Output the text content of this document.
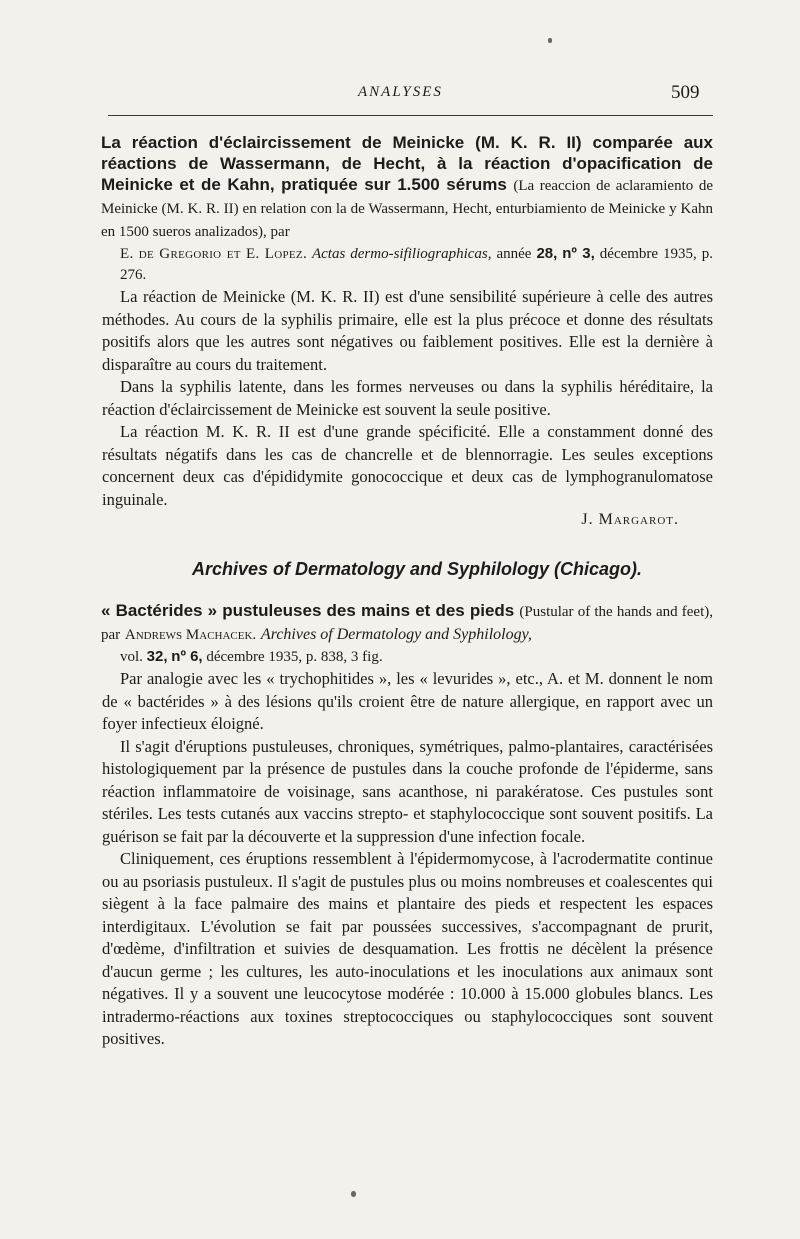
ANALYSES	509

La réaction d'éclaircissement de Meinicke (M. K. R. II) comparée aux réactions de Wassermann, de Hecht, à la réaction d'opacification de Meinicke et de Kahn, pratiquée sur 1.500 sérums (La reaccion de aclaramiento de Meinicke (M. K. R. II) en relation con la de Wassermann, Hecht, enturbiamiento de Meinicke y Kahn en 1500 sueros analizados), par

E. de Gregorio et E. Lopez. Actas dermo-sifiliographicas, année 28, nº 3, décembre 1935, p. 276.

La réaction de Meinicke (M. K. R. II) est d'une sensibilité supérieure à celle des autres méthodes. Au cours de la syphilis primaire, elle est la plus précoce et donne des résultats positifs alors que les autres sont négatives ou faiblement positives. Elle est la dernière à disparaître au cours du traitement.

Dans la syphilis latente, dans les formes nerveuses ou dans la syphilis héréditaire, la réaction d'éclaircissement de Meinicke est souvent la seule positive.

La réaction M. K. R. II est d'une grande spécificité. Elle a constamment donné des résultats négatifs dans les cas de chancrelle et de blennorragie. Les seules exceptions concernent deux cas d'épididymite gonococcique et deux cas de lymphogranulomatose inguinale.

J. Margarot.

Archives of Dermatology and Syphilology (Chicago).

« Bactérides » pustuleuses des mains et des pieds (Pustular of the hands and feet), par Andrews Machacek. Archives of Dermatology and Syphilology,

vol. 32, nº 6, décembre 1935, p. 838, 3 fig.

Par analogie avec les « trychophitides », les « levurides », etc., A. et M. donnent le nom de « bactérides » à des lésions qu'ils croient être de nature allergique, en rapport avec un foyer infectieux éloigné.

Il s'agit d'éruptions pustuleuses, chroniques, symétriques, palmo-plantaires, caractérisées histologiquement par la présence de pustules dans la couche profonde de l'épiderme, sans réaction inflammatoire de voisinage, sans acanthose, ni parakératose. Ces pustules sont stériles. Les tests cutanés aux vaccins strepto- et staphylococcique sont souvent positifs. La guérison se fait par la découverte et la suppression d'une infection focale.

Cliniquement, ces éruptions ressemblent à l'épidermomycose, à l'acrodermatite continue ou au psoriasis pustuleux. Il s'agit de pustules plus ou moins nombreuses et coalescentes qui siègent à la face palmaire des mains et plantaire des pieds et respectent les espaces interdigitaux. L'évolution se fait par poussées successives, s'accompagnant de prurit, d'œdème, d'infiltration et suivies de desquamation. Les frottis ne décèlent la présence d'aucun germe ; les cultures, les auto-inoculations et les inoculations aux animaux sont négatives. Il y a souvent une leucocytose modérée : 10.000 à 15.000 globules blancs. Les intradermo-réactions aux toxines streptococciques ou staphylococciques sont souvent positives.
